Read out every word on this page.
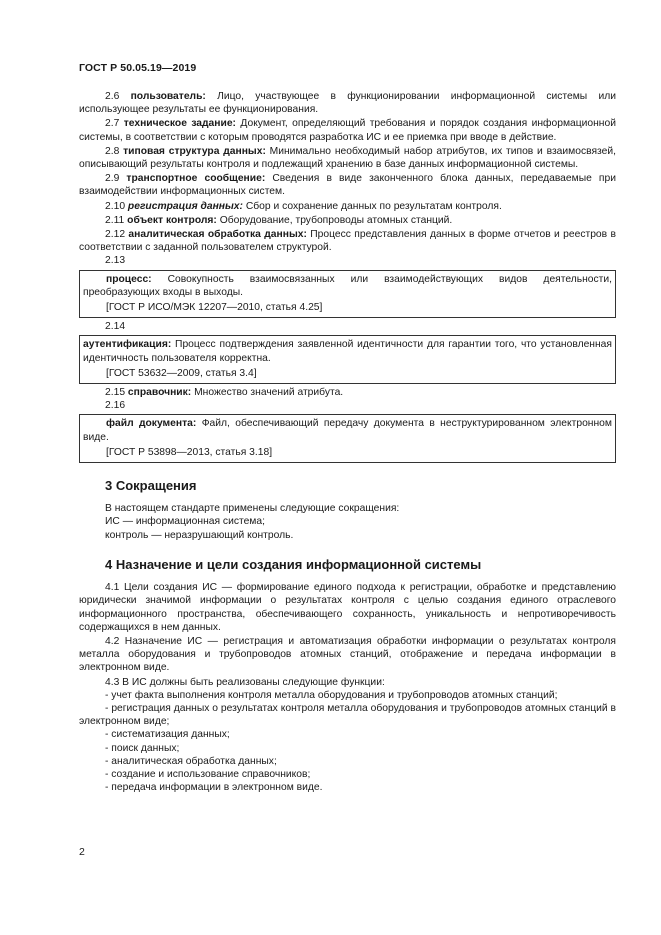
ГОСТ Р 50.05.19—2019

2.6 пользователь: Лицо, участвующее в функционировании информационной системы или использующее результаты ее функционирования.

2.7 техническое задание: Документ, определяющий требования и порядок создания информационной системы, в соответствии с которым проводятся разработка ИС и ее приемка при вводе в действие.

2.8 типовая структура данных: Минимально необходимый набор атрибутов, их типов и взаимосвязей, описывающий результаты контроля и подлежащий хранению в базе данных информационной системы.

2.9 транспортное сообщение: Сведения в виде законченного блока данных, передаваемые при взаимодействии информационных систем.

2.10 регистрация данных: Сбор и сохранение данных по результатам контроля.

2.11 объект контроля: Оборудование, трубопроводы атомных станций.

2.12 аналитическая обработка данных: Процесс представления данных в форме отчетов и реестров в соответствии с заданной пользователем структурой.

2.13

процесс: Совокупность взаимосвязанных или взаимодействующих видов деятельности, преобразующих входы в выходы.

[ГОСТ Р ИСО/МЭК 12207—2010, статья 4.25]

2.14

аутентификация: Процесс подтверждения заявленной идентичности для гарантии того, что установленная идентичность пользователя корректна.

[ГОСТ 53632—2009, статья 3.4]

2.15 справочник: Множество значений атрибута.

2.16

файл документа: Файл, обеспечивающий передачу документа в неструктурированном электронном виде.

[ГОСТ Р 53898—2013, статья 3.18]

3 Сокращения

В настоящем стандарте применены следующие сокращения:

ИС — информационная система;
контроль — неразрушающий контроль.
4 Назначение и цели создания информационной системы

4.1 Цели создания ИС — формирование единого подхода к регистрации, обработке и представлению юридически значимой информации о результатах контроля с целью создания единого отраслевого информационного пространства, обеспечивающего сохранность, уникальность и непротиворечивость содержащихся в нем данных.

4.2 Назначение ИС — регистрация и автоматизация обработки информации о результатах контроля металла оборудования и трубопроводов атомных станций, отображение и передача информации в электронном виде.

4.3 В ИС должны быть реализованы следующие функции:

- учет факта выполнения контроля металла оборудования и трубопроводов атомных станций;
- регистрация данных о результатах контроля металла оборудования и трубопроводов атомных станций в электронном виде;
- систематизация данных;
- поиск данных;
- аналитическая обработка данных;
- создание и использование справочников;
- передача информации в электронном виде.
2
